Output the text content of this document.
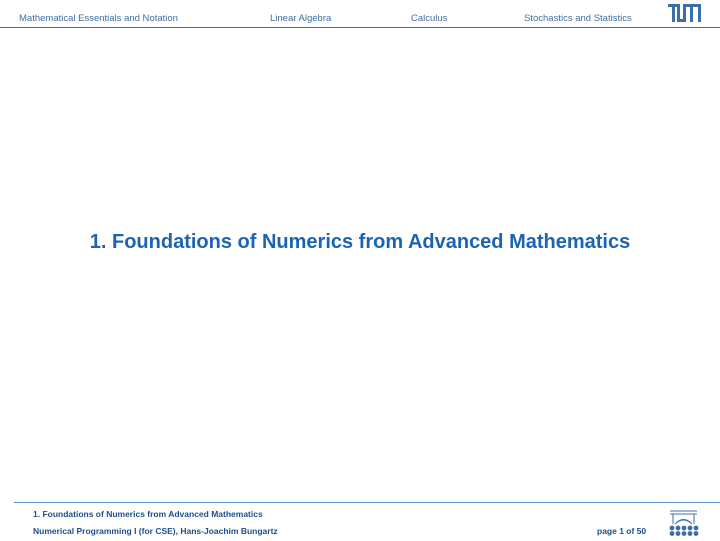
Mathematical Essentials and Notation	Linear Algebra	Calculus	Stochastics and Statistics
1. Foundations of Numerics from Advanced Mathematics
1. Foundations of Numerics from Advanced Mathematics
Numerical Programming I (for CSE), Hans-Joachim Bungartz	page 1 of 50
